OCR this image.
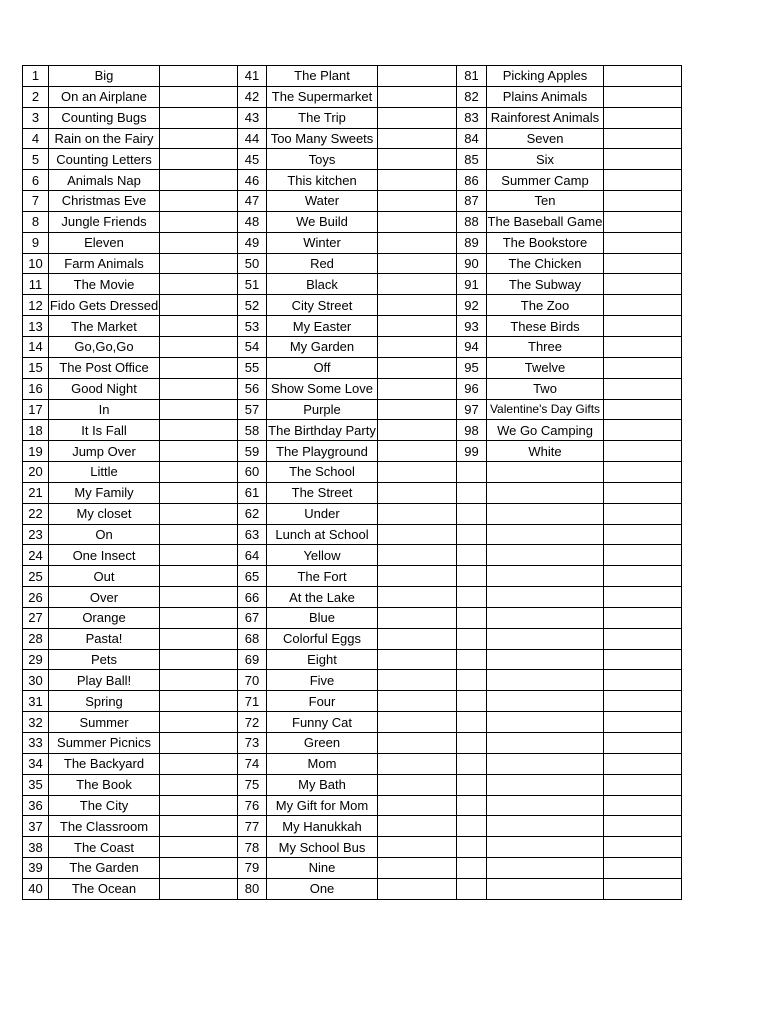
1	Big		41	The Plant		81	Picking Apples	
2	On an Airplane		42	The Supermarket		82	Plains Animals	
3	Counting Bugs		43	The Trip		83	Rainforest Animals	
4	Rain on the Fairy		44	Too Many Sweets		84	Seven	
5	Counting Letters		45	Toys		85	Six	
6	Animals Nap		46	This kitchen		86	Summer Camp	
7	Christmas Eve		47	Water		87	Ten	
8	Jungle Friends		48	We Build		88	The Baseball Game	
9	Eleven		49	Winter		89	The Bookstore	
10	Farm Animals		50	Red		90	The Chicken	
11	The Movie		51	Black		91	The Subway	
12	Fido Gets Dressed		52	City Street		92	The Zoo	
13	The Market		53	My Easter		93	These Birds	
14	Go,Go,Go		54	My Garden		94	Three	
15	The Post Office		55	Off		95	Twelve	
16	Good Night		56	Show Some Love		96	Two	
17	In		57	Purple		97	Valentine's Day Gifts	
18	It Is Fall		58	The Birthday Party		98	We Go Camping	
19	Jump Over		59	The Playground		99	White	
20	Little		60	The School				
21	My Family		61	The Street				
22	My closet		62	Under				
23	On		63	Lunch at School				
24	One Insect		64	Yellow				
25	Out		65	The Fort				
26	Over		66	At the Lake				
27	Orange		67	Blue				
28	Pasta!		68	Colorful Eggs				
29	Pets		69	Eight				
30	Play Ball!		70	Five				
31	Spring		71	Four				
32	Summer		72	Funny Cat				
33	Summer Picnics		73	Green				
34	The Backyard		74	Mom				
35	The Book		75	My Bath				
36	The City		76	My Gift for Mom				
37	The Classroom		77	My Hanukkah				
38	The Coast		78	My School Bus				
39	The Garden		79	Nine				
40	The Ocean		80	One				
